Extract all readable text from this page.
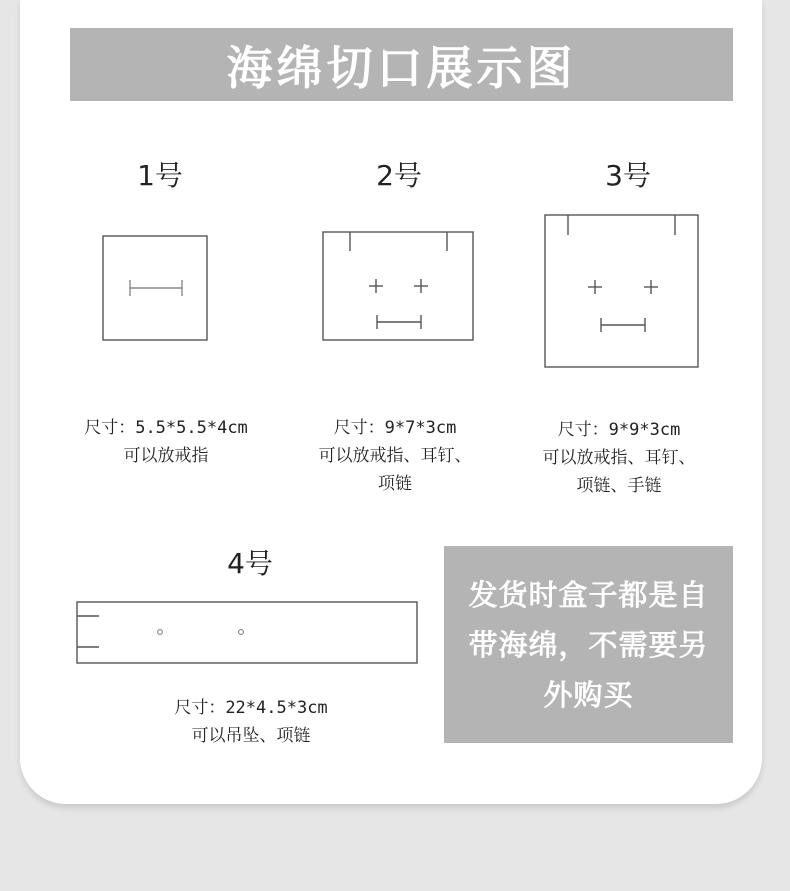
海绵切口展示图
1号
尺寸：5.5*5.5*4cm
可以放戒指
2号
尺寸：9*7*3cm
可以放戒指、耳钉、
项链
3号
尺寸：9*9*3cm
可以放戒指、耳钉、
项链、手链
4号
尺寸：22*4.5*3cm
可以吊坠、项链
发货时盒子都是自带海绵，不需要另外购买
